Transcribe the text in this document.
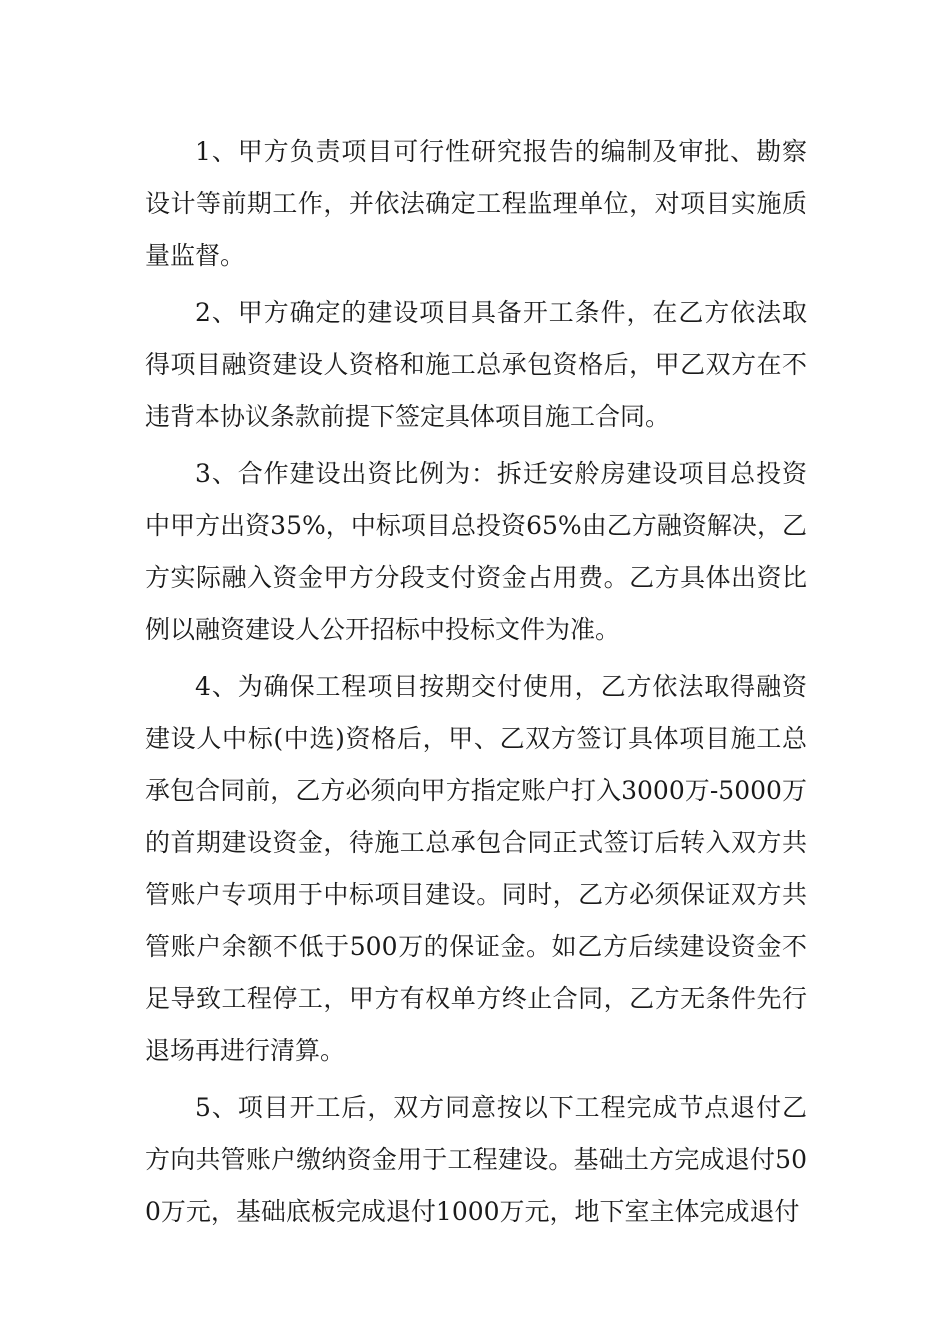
1、甲方负责项目可行性研究报告的编制及审批、勘察设计等前期工作，并依法确定工程监理单位，对项目实施质量监督。

2、甲方确定的建设项目具备开工条件，在乙方依法取得项目融资建设人资格和施工总承包资格后，甲乙双方在不违背本协议条款前提下签定具体项目施工合同。

3、合作建设出资比例为：拆迁安舲房建设项目总投资中甲方出资35%，中标项目总投资65%由乙方融资解决，乙方实际融入资金甲方分段支付资金占用费。乙方具体出资比例以融资建设人公开招标中投标文件为准。

4、为确保工程项目按期交付使用，乙方依法取得融资建设人中标(中选)资格后，甲、乙双方签订具体项目施工总承包合同前，乙方必须向甲方指定账户打入3000万-5000万的首期建设资金，待施工总承包合同正式签订后转入双方共管账户专项用于中标项目建设。同时，乙方必须保证双方共管账户余额不低于500万的保证金。如乙方后续建设资金不足导致工程停工，甲方有权单方终止合同，乙方无条件先行退场再进行清算。

5、项目开工后，双方同意按以下工程完成节点退付乙方向共管账户缴纳资金用于工程建设。基础土方完成退付500万元，基础底板完成退付1000万元，地下室主体完成退付
